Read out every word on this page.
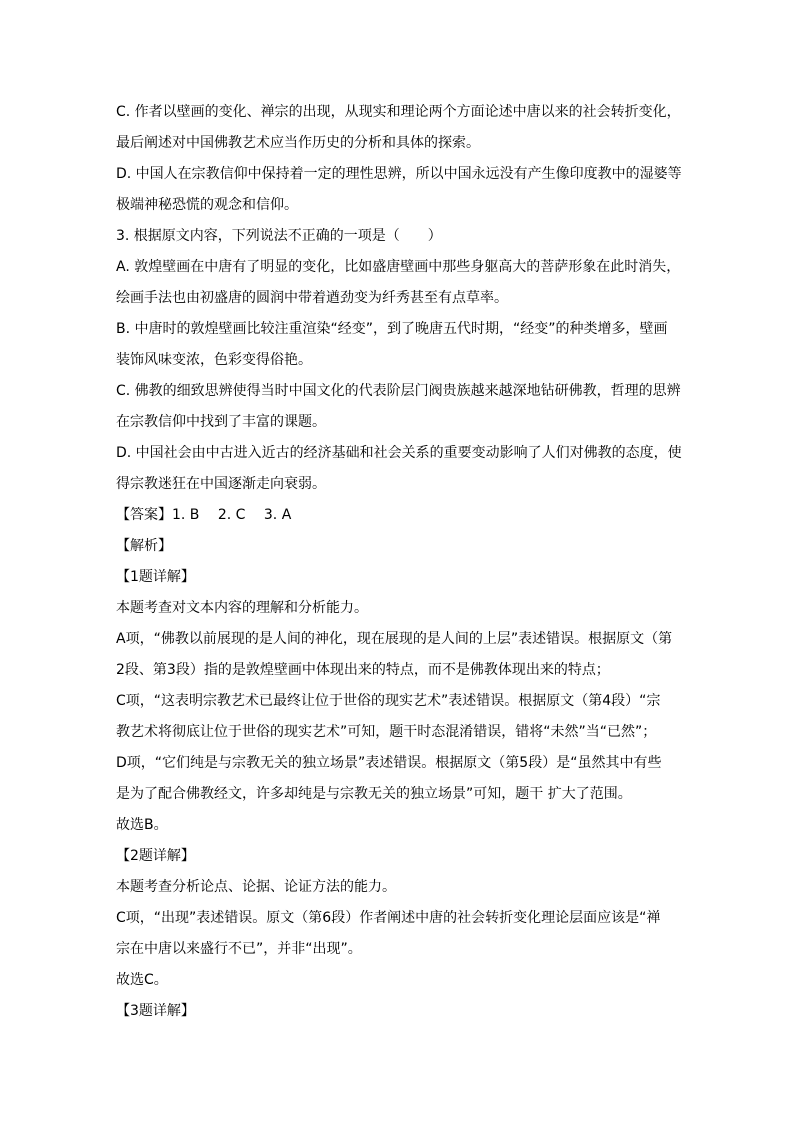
C. 作者以壁画的变化、禅宗的出现，从现实和理论两个方面论述中唐以来的社会转折变化，
最后阐述对中国佛教艺术应当作历史的分析和具体的探索。
D. 中国人在宗教信仰中保持着一定的理性思辨，所以中国永远没有产生像印度教中的湿婆等
极端神秘恐慌的观念和信仰。
3. 根据原文内容，下列说法不正确的一项是（　　）
A. 敦煌壁画在中唐有了明显的变化，比如盛唐壁画中那些身躯高大的菩萨形象在此时消失，
绘画手法也由初盛唐的圆润中带着遒劲变为纤秀甚至有点草率。
B. 中唐时的敦煌壁画比较注重渲染“经变”，到了晚唐五代时期，“经变”的种类增多，壁画
装饰风味变浓，色彩变得俗艳。
C. 佛教的细致思辨使得当时中国文化的代表阶层门阀贵族越来越深地钻研佛教，哲理的思辨
在宗教信仰中找到了丰富的课题。
D. 中国社会由中古进入近古的经济基础和社会关系的重要变动影响了人们对佛教的态度，使
得宗教迷狂在中国逐渐走向衰弱。
【答案】1. B　 2. C　 3. A
【解析】
【1题详解】
本题考查对文本内容的理解和分析能力。
A项，“佛教以前展现的是人间的神化，现在展现的是人间的上层”表述错误。根据原文（第
2段、第3段）指的是敦煌壁画中体现出来的特点，而不是佛教体现出来的特点；
C项，“这表明宗教艺术已最终让位于世俗的现实艺术”表述错误。根据原文（第4段）“宗
教艺术将彻底让位于世俗的现实艺术”可知，题干时态混淆错误，错将“未然”当“已然”；
D项，“它们纯是与宗教无关的独立场景”表述错误。根据原文（第5段）是“虽然其中有些
是为了配合佛教经文，许多却纯是与宗教无关的独立场景”可知，题干 扩大了范围。
故选B。
【2题详解】
本题考查分析论点、论据、论证方法的能力。
C项，“出现”表述错误。原文（第6段）作者阐述中唐的社会转折变化理论层面应该是“禅
宗在中唐以来盛行不已”，并非“出现”。
故选C。
【3题详解】
